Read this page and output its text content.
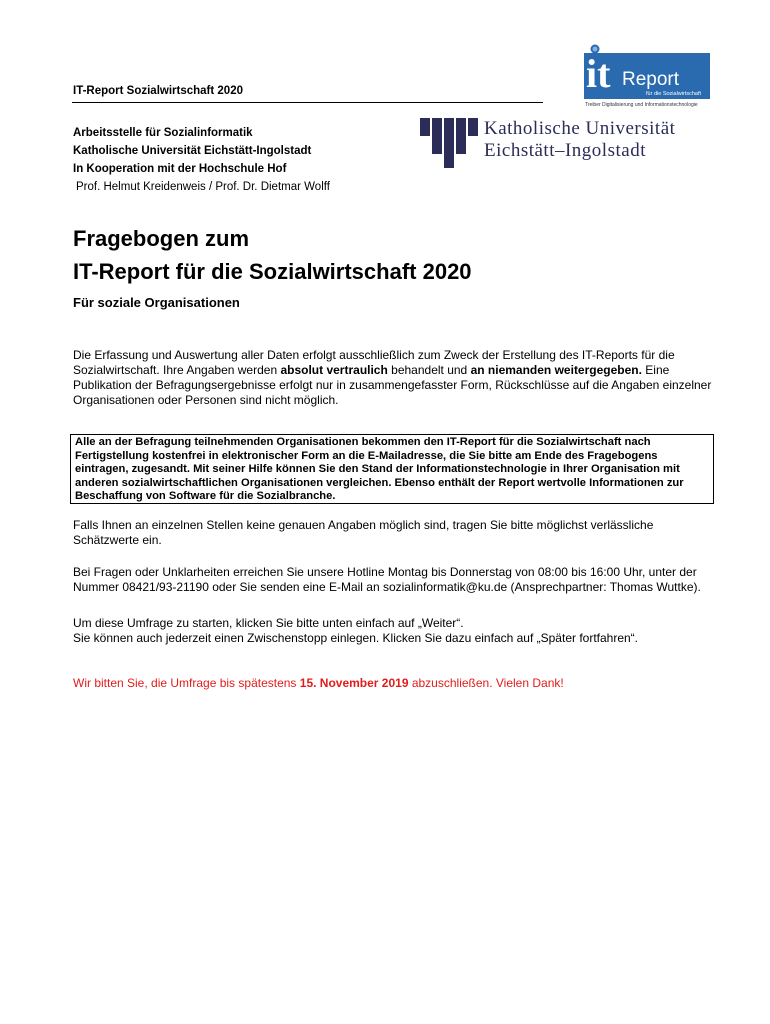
IT-Report Sozialwirtschaft 2020	it Report
für die Sozialwirtschaft
Treiber Digitalisierung und Informationstechnologie
Katholische Universität
Eichstätt–Ingolstadt
Arbeitsstelle für Sozialinformatik
Katholische Universität Eichstätt-Ingolstadt
In Kooperation mit der Hochschule Hof
Prof. Helmut Kreidenweis / Prof. Dr. Dietmar Wolff
Fragebogen zum
IT-Report für die Sozialwirtschaft 2020
Für soziale Organisationen
Die Erfassung und Auswertung aller Daten erfolgt ausschließlich zum Zweck der Erstellung des IT-Reports für die Sozialwirtschaft. Ihre Angaben werden absolut vertraulich behandelt und an niemanden weitergegeben. Eine Publikation der Befragungsergebnisse erfolgt nur in zusammengefasster Form, Rückschlüsse auf die Angaben einzelner Organisationen oder Personen sind nicht möglich.
Alle an der Befragung teilnehmenden Organisationen bekommen den IT-Report für die Sozialwirtschaft nach Fertigstellung kostenfrei in elektronischer Form an die E-Mailadresse, die Sie bitte am Ende des Fragebogens eintragen, zugesandt. Mit seiner Hilfe können Sie den Stand der Informationstechnologie in Ihrer Organisation mit anderen sozialwirtschaftlichen Organisationen vergleichen. Ebenso enthält der Report wertvolle Informationen zur Beschaffung von Software für die Sozialbranche.
Falls Ihnen an einzelnen Stellen keine genauen Angaben möglich sind, tragen Sie bitte möglichst verlässliche Schätzwerte ein.
Bei Fragen oder Unklarheiten erreichen Sie unsere Hotline Montag bis Donnerstag von 08:00 bis 16:00 Uhr, unter der Nummer 08421/93-21190 oder Sie senden eine E-Mail an sozialinformatik@ku.de (Ansprechpartner: Thomas Wuttke).
Um diese Umfrage zu starten, klicken Sie bitte unten einfach auf „Weiter“.
Sie können auch jederzeit einen Zwischenstopp einlegen. Klicken Sie dazu einfach auf „Später fortfahren“.
Wir bitten Sie, die Umfrage bis spätestens 15. November 2019 abzuschließen. Vielen Dank!
